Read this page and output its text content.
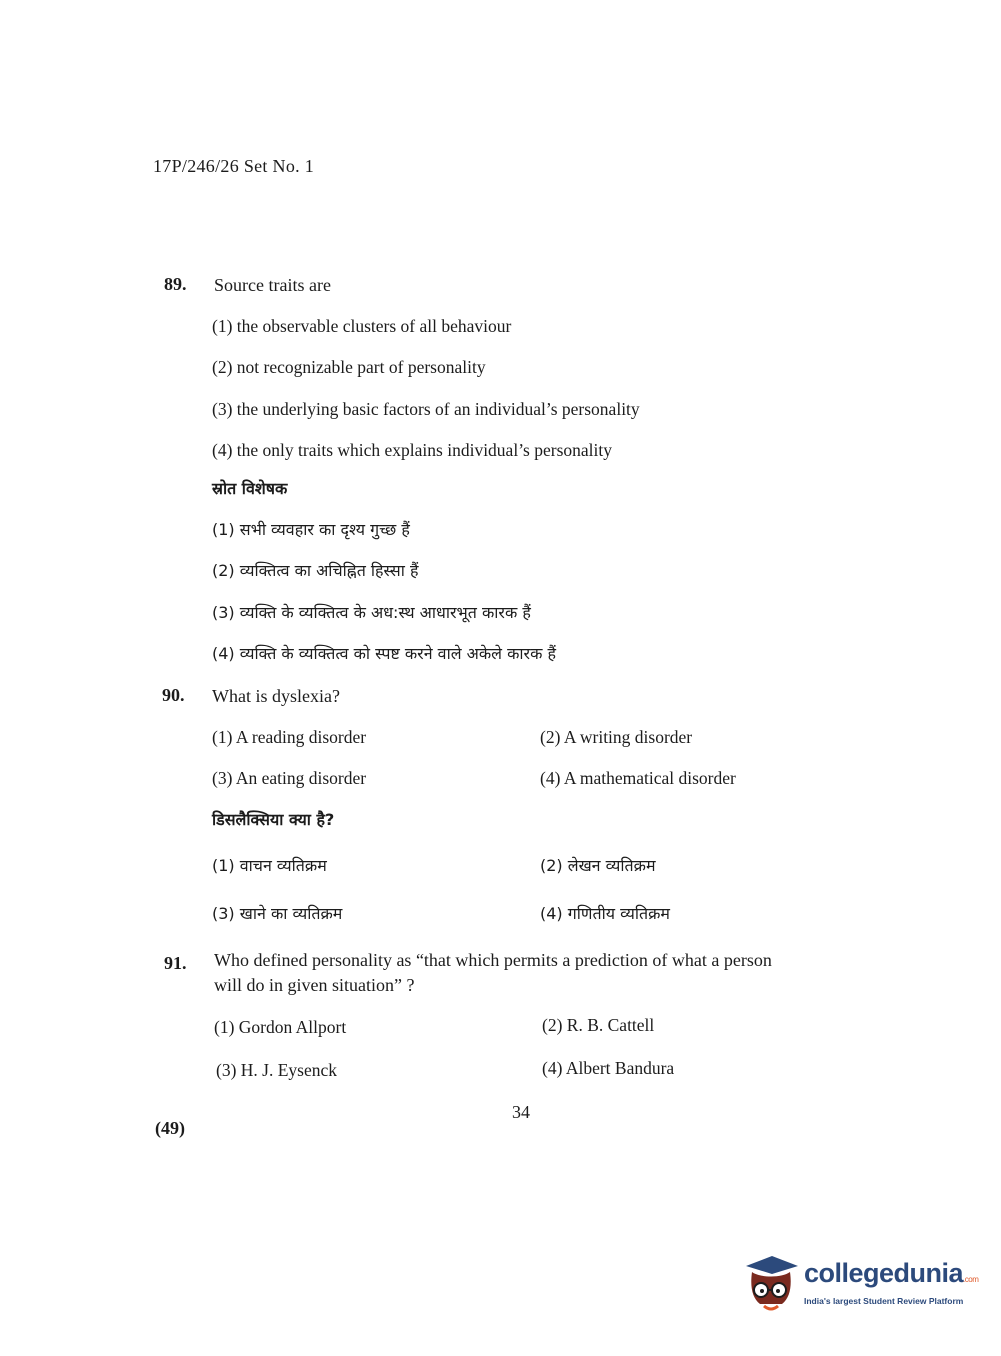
17P/246/26 Set No. 1
89. Source traits are
(1) the observable clusters of all behaviour
(2) not recognizable part of personality
(3) the underlying basic factors of an individual’s personality
(4) the only traits which explains individual’s personality
स्रोत विशेषक
(1) सभी व्यवहार का दृश्य गुच्छ हैं
(2) व्यक्तित्व का अचिह्नित हिस्सा हैं
(3) व्यक्ति के व्यक्तित्व के अध:स्थ आधारभूत कारक हैं
(4) व्यक्ति के व्यक्तित्व को स्पष्ट करने वाले अकेले कारक हैं
90. What is dyslexia?
(1) A reading disorder	(2) A writing disorder
(3) An eating disorder	(4) A mathematical disorder
डिसलैक्सिया क्या है?
(1) वाचन व्यतिक्रम	(2) लेखन व्यतिक्रम
(3) खाने का व्यतिक्रम	(4) गणितीय व्यतिक्रम
91. Who defined personality as “that which permits a prediction of what a person
will do in given situation” ?
(1) Gordon Allport	(2) R. B. Cattell
(3) H. J. Eysenck	(4) Albert Bandura
34
(49)
collegedunia.com
India's largest Student Review Platform
